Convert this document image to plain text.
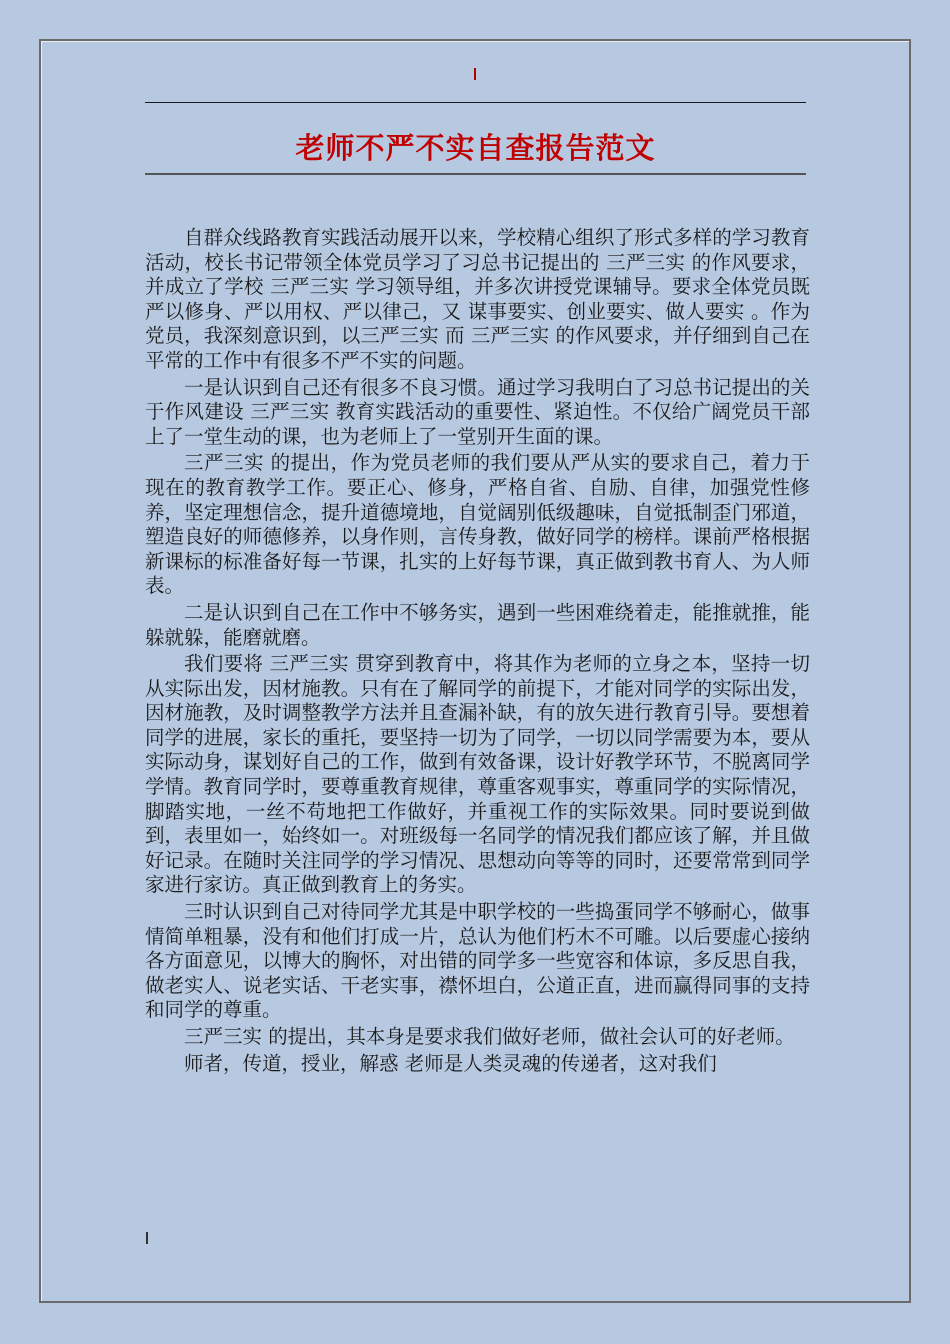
老师不严不实自查报告范文

自群众线路教育实践活动展开以来，学校精心组织了形式多样的学习教育活动，校长书记带领全体党员学习了习总书记提出的 三严三实 的作风要求，并成立了学校 三严三实 学习领导组，并多次讲授党课辅导。要求全体党员既 严以修身、严以用权、严以律己，又 谋事要实、创业要实、做人要实 。作为党员，我深刻意识到，以三严三实 而 三严三实 的作风要求，并仔细到自己在平常的工作中有很多不严不实的问题。

一是认识到自己还有很多不良习惯。通过学习我明白了习总书记提出的关于作风建设 三严三实 教育实践活动的重要性、紧迫性。不仅给广阔党员干部上了一堂生动的课，也为老师上了一堂别开生面的课。

三严三实 的提出，作为党员老师的我们要从严从实的要求自己，着力于现在的教育教学工作。要正心、修身，严格自省、自励、自律，加强党性修养，坚定理想信念，提升道德境地，自觉阔别低级趣味，自觉抵制歪门邪道，塑造良好的师德修养，以身作则，言传身教，做好同学的榜样。课前严格根据新课标的标准备好每一节课，扎实的上好每节课，真正做到教书育人、为人师表。

二是认识到自己在工作中不够务实，遇到一些困难绕着走，能推就推，能躲就躲，能磨就磨。

我们要将 三严三实 贯穿到教育中，将其作为老师的立身之本，坚持一切从实际出发，因材施教。只有在了解同学的前提下，才能对同学的实际出发，因材施教，及时调整教学方法并且查漏补缺，有的放矢进行教育引导。要想着同学的进展，家长的重托，要坚持一切为了同学，一切以同学需要为本，要从实际动身，谋划好自己的工作，做到有效备课，设计好教学环节，不脱离同学学情。教育同学时，要尊重教育规律，尊重客观事实，尊重同学的实际情况，脚踏实地，一丝不苟地把工作做好，并重视工作的实际效果。同时要说到做到，表里如一，始终如一。对班级每一名同学的情况我们都应该了解，并且做好记录。在随时关注同学的学习情况、思想动向等等的同时，还要常常到同学家进行家访。真正做到教育上的务实。

三时认识到自己对待同学尤其是中职学校的一些捣蛋同学不够耐心，做事情简单粗暴，没有和他们打成一片，总认为他们朽木不可雕。以后要虚心接纳各方面意见，以博大的胸怀，对出错的同学多一些宽容和体谅，多反思自我，做老实人、说老实话、干老实事，襟怀坦白，公道正直，进而赢得同事的支持和同学的尊重。

三严三实 的提出，其本身是要求我们做好老师，做社会认可的好老师。

师者，传道，授业，解惑 老师是人类灵魂的传递者，这对我们
